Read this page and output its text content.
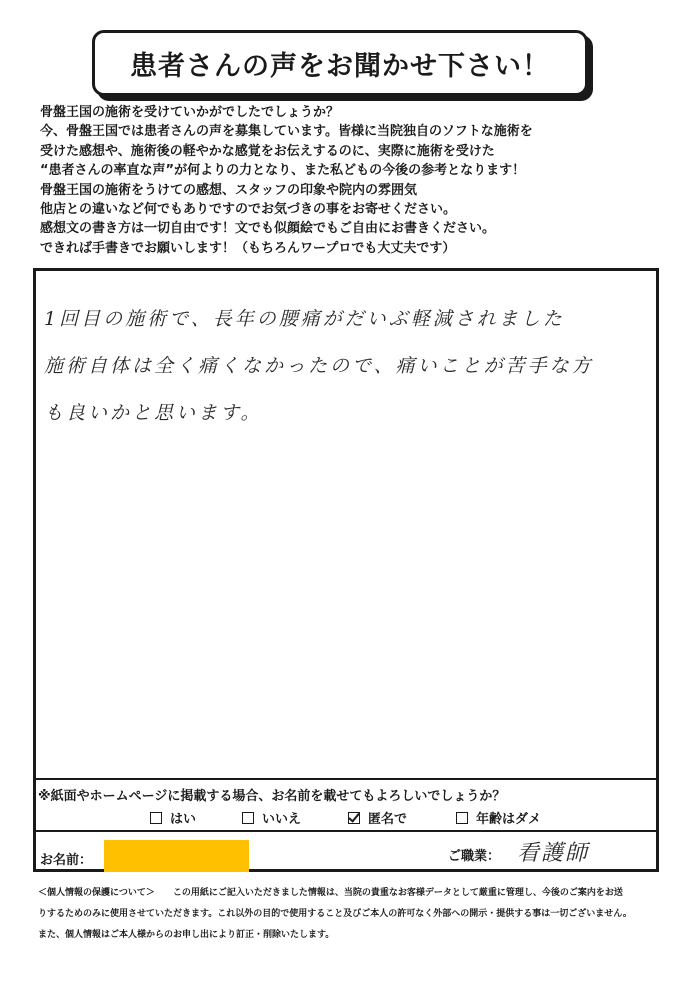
患者さんの声をお聞かせ下さい！
骨盤王国の施術を受けていかがでしたでしょうか？
今、骨盤王国では患者さんの声を募集しています。皆様に当院独自のソフトな施術を
受けた感想や、施術後の軽やかな感覚をお伝えするのに、実際に施術を受けた
“患者さんの率直な声”が何よりの力となり、また私どもの今後の参考となります！
骨盤王国の施術をうけての感想、スタッフの印象や院内の雰囲気
他店との違いなど何でもありですのでお気づきの事をお寄せください。
感想文の書き方は一切自由です！文でも似顔絵でもご自由にお書きください。
できれば手書きでお願いします！（もちろんワープロでも大丈夫です）
1回目の施術で、長年の腰痛がだいぶ軽減されました
施術自体は全く痛くなかったので、痛いことが苦手な方
も良いかと思います。
※紙面やホームページに掲載する場合、お名前を載せてもよろしいでしょうか？
はい	いいえ	匿名で	年齢はダメ
お名前：	ご職業： 看護師
＜個人情報の保護について＞　　この用紙にご記入いただきました情報は、当院の貴重なお客様データとして厳重に管理し、今後のご案内をお送
りするためのみに使用させていただきます。これ以外の目的で使用すること及びご本人の許可なく外部への開示・提供する事は一切ございません。
また、個人情報はご本人様からのお申し出により訂正・削除いたします。
